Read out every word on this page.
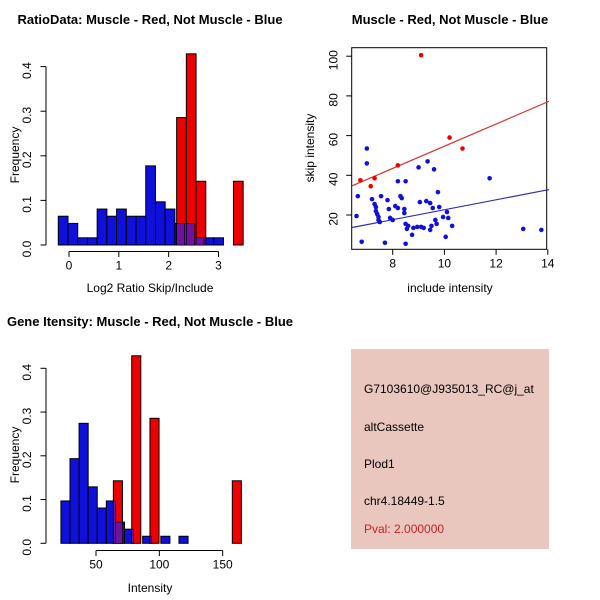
RatioData: Muscle - Red, Not Muscle - Blue
Frequency
Log2 Ratio Skip/Include
0.0
0.1
0.2
0.3
0.4
0	1	2	3
Muscle - Red, Not Muscle - Blue
skip intensity
include intensity
8	10	12	14
20
40
60
80
100
Gene Itensity: Muscle - Red, Not Muscle - Blue
Frequency
Intensity
0.0
0.1
0.2
0.3
0.4
50	100	150
G7103610@J935013_RC@j_at
altCassette
Plod1
chr4.18449-1.5
Pval: 2.000000
